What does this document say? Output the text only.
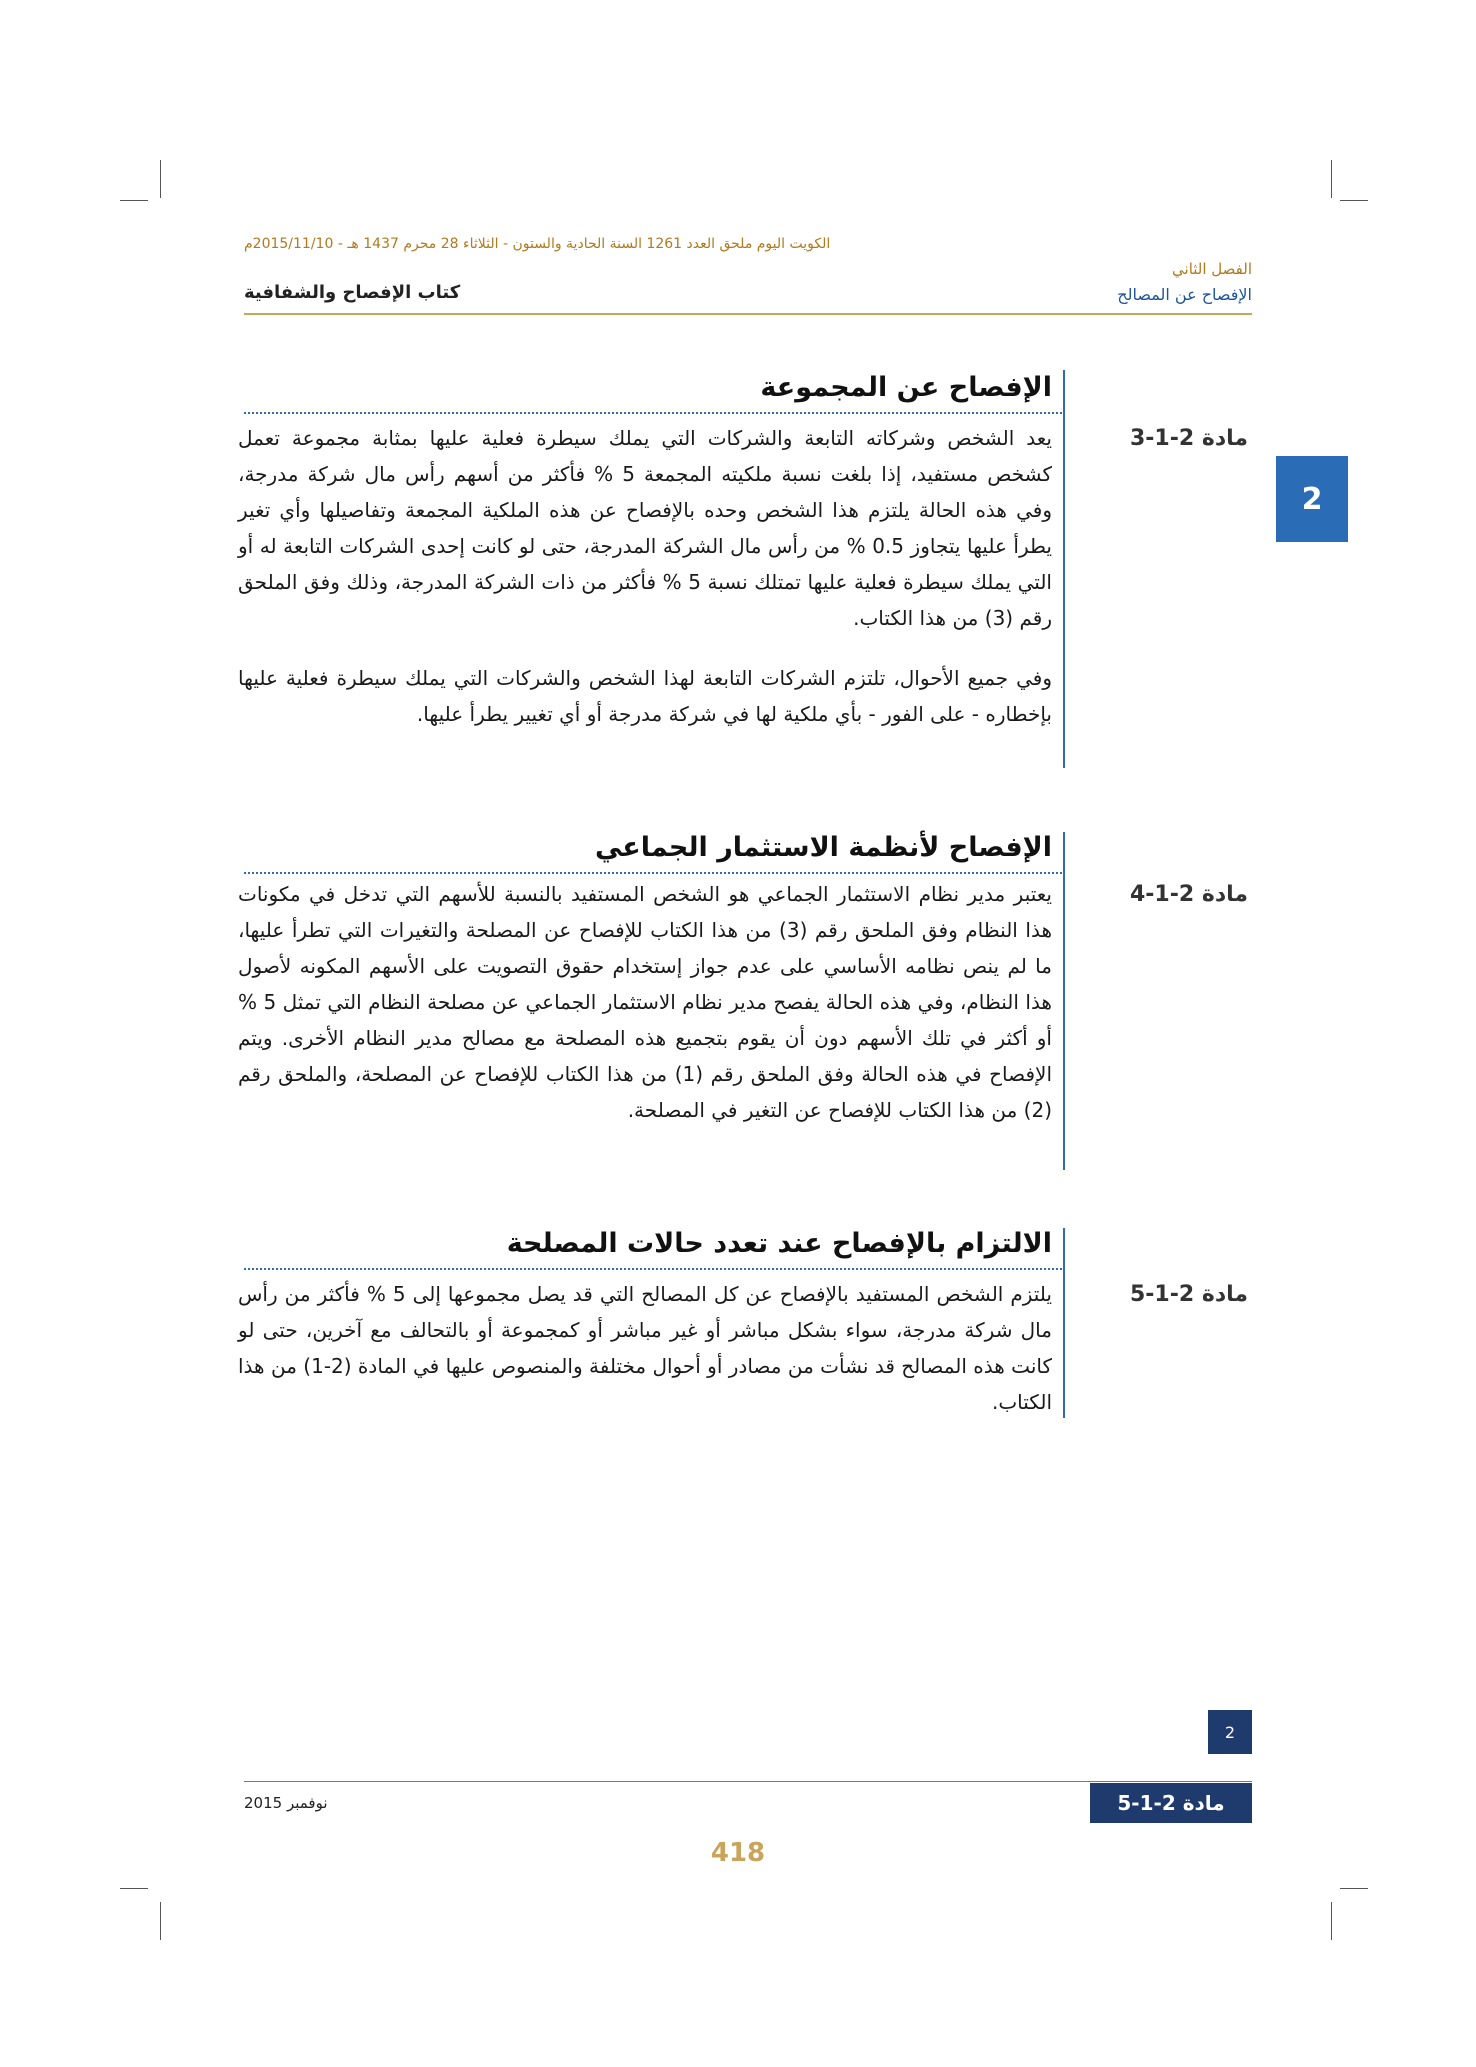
الكويت اليوم ملحق العدد 1261 السنة الحادية والستون - الثلاثاء 28 محرم 1437 هـ - 2015/11/10م
الفصل الثاني
الإفصاح عن المصالح
كتاب الإفصاح والشفافية
2
الإفصاح عن المجموعة
مادة 2-1-3

يعد الشخص وشركاته التابعة والشركات التي يملك سيطرة فعلية عليها بمثابة مجموعة تعمل كشخص مستفيد، إذا بلغت نسبة ملكيته المجمعة 5 % فأكثر من أسهم رأس مال شركة مدرجة، وفي هذه الحالة يلتزم هذا الشخص وحده بالإفصاح عن هذه الملكية المجمعة وتفاصيلها وأي تغير يطرأ عليها يتجاوز 0.5 % من رأس مال الشركة المدرجة، حتى لو كانت إحدى الشركات التابعة له أو التي يملك سيطرة فعلية عليها تمتلك نسبة 5 % فأكثر من ذات الشركة المدرجة، وذلك وفق الملحق رقم (3) من هذا الكتاب.

وفي جميع الأحوال، تلتزم الشركات التابعة لهذا الشخص والشركات التي يملك سيطرة فعلية عليها بإخطاره - على الفور - بأي ملكية لها في شركة مدرجة أو أي تغيير يطرأ عليها.

الإفصاح لأنظمة الاستثمار الجماعي
مادة 2-1-4

يعتبر مدير نظام الاستثمار الجماعي هو الشخص المستفيد بالنسبة للأسهم التي تدخل في مكونات هذا النظام وفق الملحق رقم (3) من هذا الكتاب للإفصاح عن المصلحة والتغيرات التي تطرأ عليها، ما لم ينص نظامه الأساسي على عدم جواز إستخدام حقوق التصويت على الأسهم المكونه لأصول هذا النظام، وفي هذه الحالة يفصح مدير نظام الاستثمار الجماعي عن مصلحة النظام التي تمثل 5 % أو أكثر في تلك الأسهم دون أن يقوم بتجميع هذه المصلحة مع مصالح مدير النظام الأخرى. ويتم الإفصاح في هذه الحالة وفق الملحق رقم (1) من هذا الكتاب للإفصاح عن المصلحة، والملحق رقم (2) من هذا الكتاب للإفصاح عن التغير في المصلحة.

الالتزام بالإفصاح عند تعدد حالات المصلحة
مادة 2-1-5

يلتزم الشخص المستفيد بالإفصاح عن كل المصالح التي قد يصل مجموعها إلى 5 % فأكثر من رأس مال شركة مدرجة، سواء بشكل مباشر أو غير مباشر أو كمجموعة أو بالتحالف مع آخرين، حتى لو كانت هذه المصالح قد نشأت من مصادر أو أحوال مختلفة والمنصوص عليها في المادة (2-1) من هذا الكتاب.

2
نوفمبر 2015	مادة 2-1-5
418
